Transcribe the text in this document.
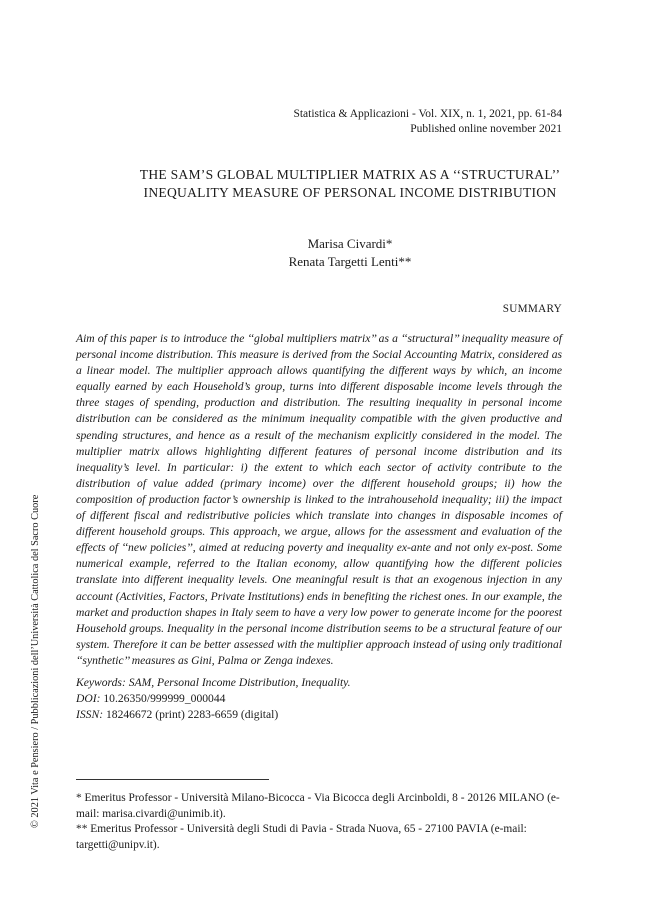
Statistica & Applicazioni - Vol. XIX, n. 1, 2021, pp. 61-84
Published online november 2021
THE SAM’S GLOBAL MULTIPLIER MATRIX AS A ‘‘STRUCTURAL’’
INEQUALITY MEASURE OF PERSONAL INCOME DISTRIBUTION
Marisa Civardi*
Renata Targetti Lenti**
SUMMARY

Aim of this paper is to introduce the ‘‘global multipliers matrix’’ as a ‘‘structural’’ inequality measure of personal income distribution. This measure is derived from the Social Accounting Matrix, considered as a linear model. The multiplier approach allows quantifying the different ways by which, an income equally earned by each Household’s group, turns into different disposable income levels through the three stages of spending, production and distribution. The resulting inequality in personal income distribution can be considered as the minimum inequality compatible with the given productive and spending structures, and hence as a result of the mechanism explicitly considered in the model. The multiplier matrix allows highlighting different features of personal income distribution and its inequality’s level. In particular: i) the extent to which each sector of activity contribute to the distribution of value added (primary income) over the different household groups; ii) how the composition of production factor’s ownership is linked to the intrahousehold inequality; iii) the impact of different fiscal and redistributive policies which translate into changes in disposable incomes of different household groups. This approach, we argue, allows for the assessment and evaluation of the effects of ‘‘new policies’’, aimed at reducing poverty and inequality ex-ante and not only ex-post. Some numerical example, referred to the Italian economy, allow quantifying how the different policies translate into different inequality levels. One meaningful result is that an exogenous injection in any account (Activities, Factors, Private Institutions) ends in benefiting the richest ones. In our example, the market and production shapes in Italy seem to have a very low power to generate income for the poorest Household groups. Inequality in the personal income distribution seems to be a structural feature of our system. Therefore it can be better assessed with the multiplier approach instead of using only traditional ‘‘synthetic’’ measures as Gini, Palma or Zenga indexes.

Keywords: SAM, Personal Income Distribution, Inequality.
DOI: 10.26350/999999_000044
ISSN: 18246672 (print) 2283-6659 (digital)

* Emeritus Professor - Università Milano-Bicocca - Via Bicocca degli Arcinboldi, 8 - 20126 MILANO (e-mail: marisa.civardi@unimib.it).

** Emeritus Professor - Università degli Studi di Pavia - Strada Nuova, 65 - 27100 PAVIA (e-mail: targetti@unipv.it).

© 2021 Vita e Pensiero / Pubblicazioni dell’Università Cattolica del Sacro Cuore
